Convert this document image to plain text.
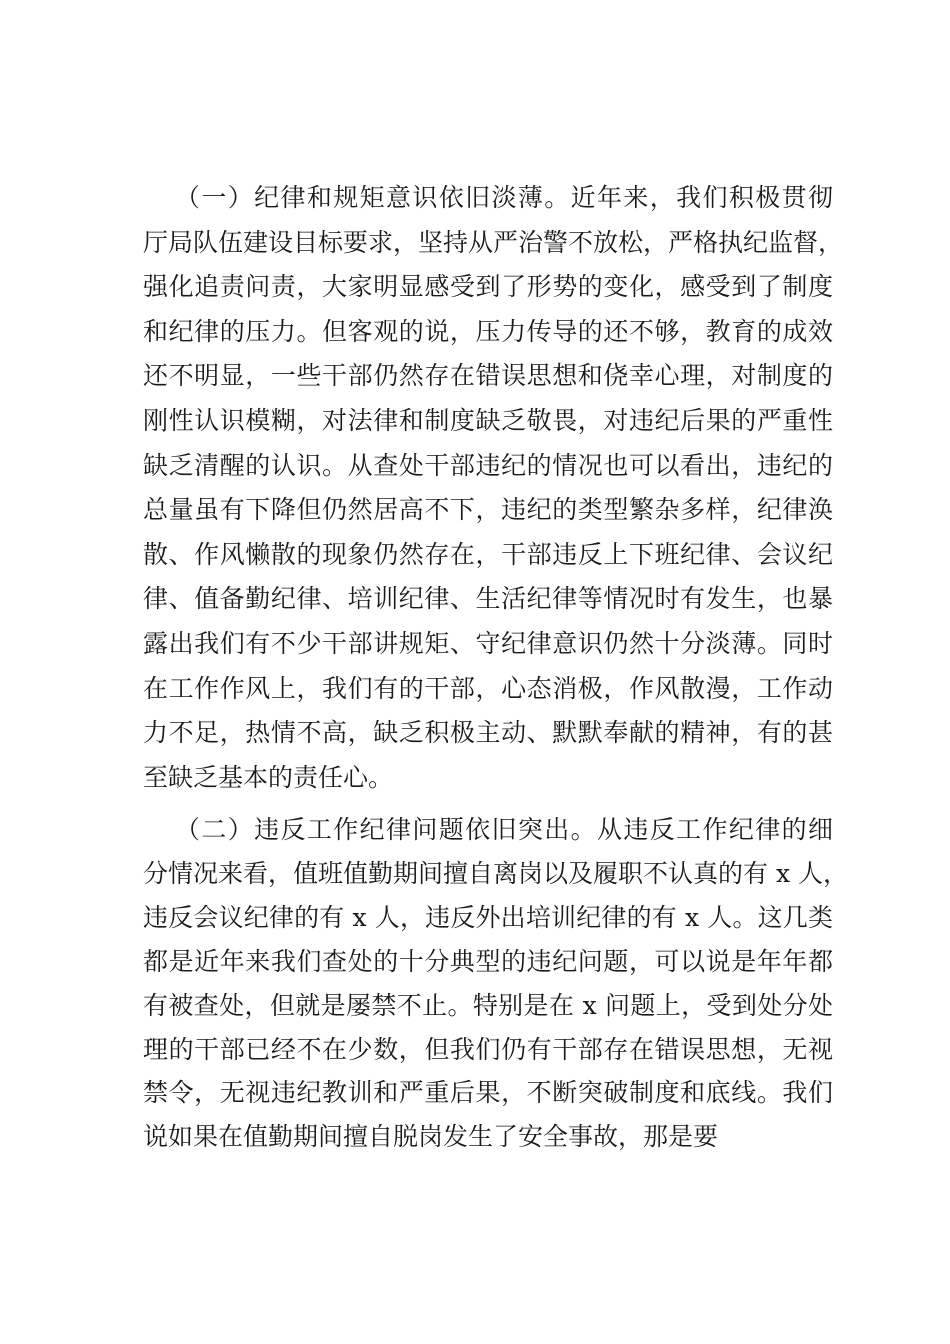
（一）纪律和规矩意识依旧淡薄。近年来，我们积极贯彻
厅局队伍建设目标要求，坚持从严治警不放松，严格执纪监督，
强化追责问责，大家明显感受到了形势的变化，感受到了制度
和纪律的压力。但客观的说，压力传导的还不够，教育的成效
还不明显，一些干部仍然存在错误思想和侥幸心理，对制度的
刚性认识模糊，对法律和制度缺乏敬畏，对违纪后果的严重性
缺乏清醒的认识。从查处干部违纪的情况也可以看出，违纪的
总量虽有下降但仍然居高不下，违纪的类型繁杂多样，纪律涣
散、作风懒散的现象仍然存在，干部违反上下班纪律、会议纪
律、值备勤纪律、培训纪律、生活纪律等情况时有发生，也暴
露出我们有不少干部讲规矩、守纪律意识仍然十分淡薄。同时
在工作作风上，我们有的干部，心态消极，作风散漫，工作动
力不足，热情不高，缺乏积极主动、默默奉献的精神，有的甚
至缺乏基本的责任心。
（二）违反工作纪律问题依旧突出。从违反工作纪律的细
分情况来看，值班值勤期间擅自离岗以及履职不认真的有 x 人，
违反会议纪律的有 x 人，违反外出培训纪律的有 x 人。这几类
都是近年来我们查处的十分典型的违纪问题，可以说是年年都
有被查处，但就是屡禁不止。特别是在 x 问题上，受到处分处
理的干部已经不在少数，但我们仍有干部存在错误思想，无视
禁令，无视违纪教训和严重后果，不断突破制度和底线。我们
说如果在值勤期间擅自脱岗发生了安全事故，那是要
